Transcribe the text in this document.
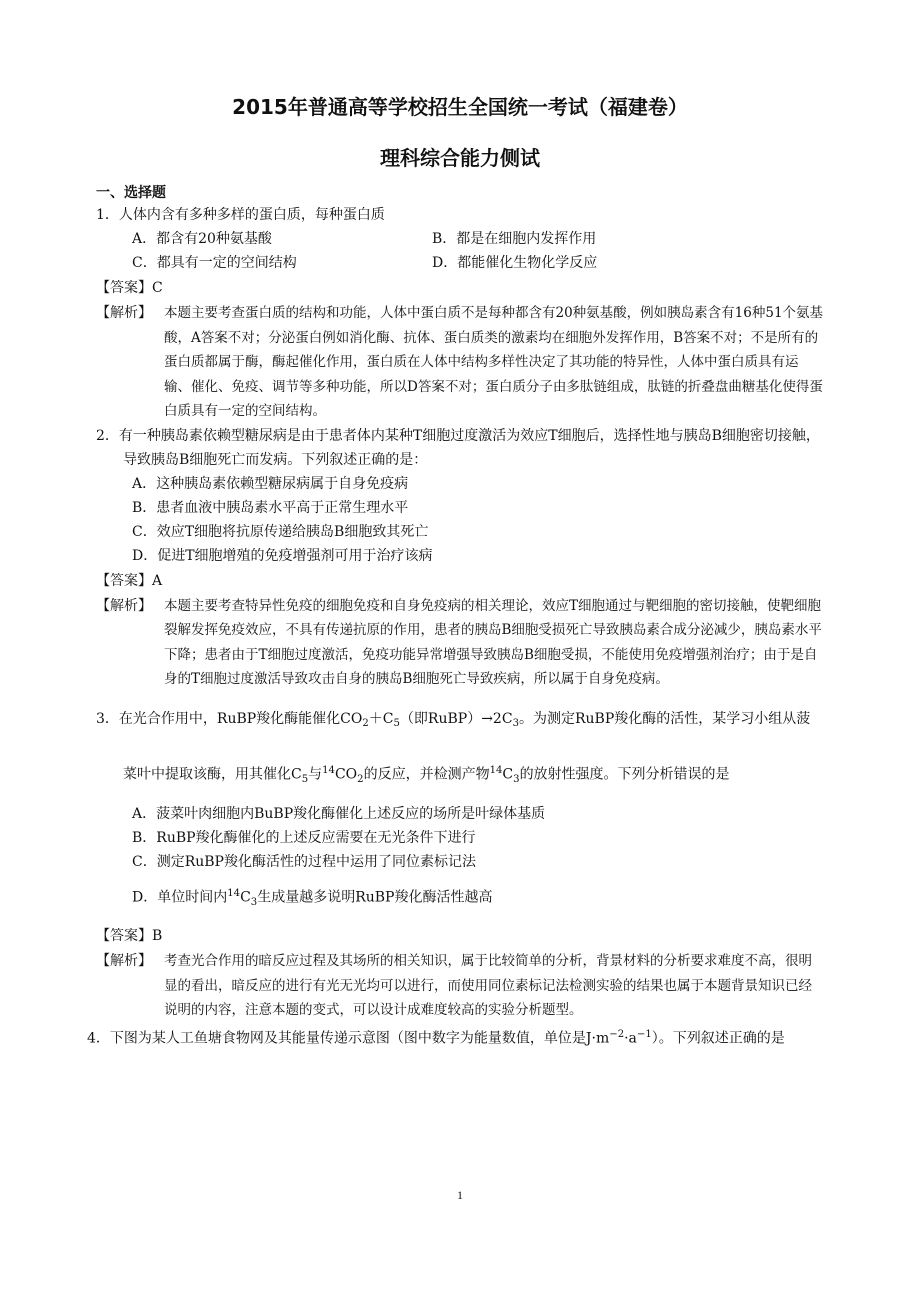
2015年普通高等学校招生全国统一考试（福建卷）
理科综合能力侧试
一、选择题

1．人体内含有多种多样的蛋白质，每种蛋白质

A．都含有20种氨基酸	B．都是在细胞内发挥作用
C．都具有一定的空间结构	D．都能催化生物化学反应

【答案】C

【解析】 本题主要考查蛋白质的结构和功能，人体中蛋白质不是每种都含有20种氨基酸，例如胰岛素含有16种51个氨基酸，A答案不对；分泌蛋白例如消化酶、抗体、蛋白质类的激素均在细胞外发挥作用，B答案不对；不是所有的蛋白质都属于酶，酶起催化作用，蛋白质在人体中结构多样性决定了其功能的特异性，人体中蛋白质具有运输、催化、免疫、调节等多种功能，所以D答案不对；蛋白质分子由多肽链组成，肽链的折叠盘曲糖基化使得蛋白质具有一定的空间结构。

2．有一种胰岛素依赖型糖尿病是由于患者体内某种T细胞过度激活为效应T细胞后，选择性地与胰岛B细胞密切接触，导致胰岛B细胞死亡而发病。下列叙述正确的是：

A．这种胰岛素依赖型糖尿病属于自身免疫病
B．患者血液中胰岛素水平高于正常生理水平
C．效应T细胞将抗原传递给胰岛B细胞致其死亡
D．促进T细胞增殖的免疫增强剂可用于治疗该病

【答案】A

【解析】 本题主要考查特异性免疫的细胞免疫和自身免疫病的相关理论，效应T细胞通过与靶细胞的密切接触，使靶细胞裂解发挥免疫效应，不具有传递抗原的作用，患者的胰岛B细胞受损死亡导致胰岛素合成分泌减少，胰岛素水平下降；患者由于T细胞过度激活，免疫功能异常增强导致胰岛B细胞受损，不能使用免疫增强剂治疗；由于是自身的T细胞过度激活导致攻击自身的胰岛B细胞死亡导致疾病，所以属于自身免疫病。

3．在光合作用中，RuBP羧化酶能催化$CO_2+C_5$（即$RuBP)\to 2C_3$。为测定RuBP羧化酶的活性，某学习小组从菠菜叶中提取该酶，用其催化$C_5$与$^{14}CO_2$的反应，并检测产物$^{14}C_3$的放射性强度。下列分析错误的是

A．菠菜叶肉细胞内BuBP羧化酶催化上述反应的场所是叶绿体基质
B．RuBP羧化酶催化的上述反应需要在无光条件下进行
C．测定RuBP羧化酶活性的过程中运用了同位素标记法
D．单位时间内$^{14}C_3$生成量越多说明RuBP羧化酶活性越高

【答案】B

【解析】 考查光合作用的暗反应过程及其场所的相关知识，属于比较简单的分析，背景材料的分析要求难度不高，很明显的看出，暗反应的进行有光无光均可以进行，而使用同位素标记法检测实验的结果也属于本题背景知识已经说明的内容，注意本题的变式，可以设计成难度较高的实验分析题型。

4．下图为某人工鱼塘食物网及其能量传递示意图（图中数字为能量数值，单位是$J\cdot m^{-2}\cdot a^{-1}$）。下列叙述正确的是

1
